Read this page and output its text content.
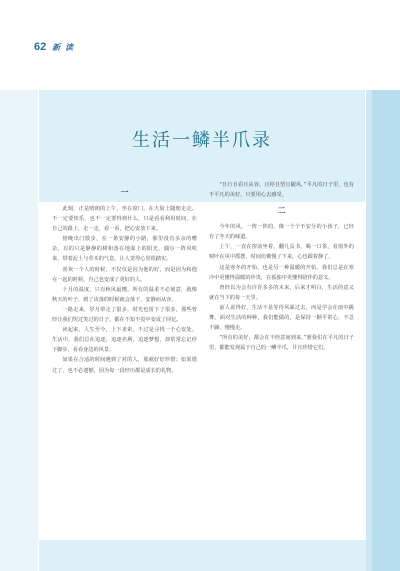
62 新 读
生活一鳞半爪录
一

此刻，正是晴朗的上午，坐在窗门，在大街上随便走走。不一定要快乐，也不一定要得到什么，只是看看利用时间，在自己的路上，走一走，看一看，把心安放下来。

傍晚出门散步，在一条安静的小路，那里没有多余的嘈杂，有的只是静静的树和落在地面上的阳光，偶尔一阵风吹来，带着泥土与草木的气息，让人觉得心里很踏实。

喜欢一个人的时候，不仅仅是因为他的好，而是因为和他在一起的时候，自己也变成了更好的人。

十月的温度，只有秋风最懂。所有的温柔不必刻意，就像秋天的叶子，到了该落的时候就会落下，安静而从容。

一路走来，岁月带走了很多，时光也留下了很多，那些曾经让我们哭过笑过的日子，都在不知不觉中变成了回忆。

读起来，人生至今，上下求索。不过是寻找一个心安处。生活中，我们总在追逐，追逐名利，追逐梦想，却常常忘记停下脚步，看看身边的风景。

如果在合适的时间遇到了对的人，那就好好珍惜；如果错过了，也不必遗憾，因为每一段经历都是成长的礼物。

“且行且看且从容，且停且望且随风。”平凡的日子里，也有不平凡的美好，只要用心去感受。

二

今年的风，一阵一阵的，像一个个不安分的小孩子，已经有了冬天的味道。

上午，一直在窗前坐着，翻几页书，喝一口茶，看窗外的树叶在风中摇摆，时间仿佛慢了下来，心也跟着静了。

这是寒冬的开始，也是另一种温暖的开始。我们总是在寒冷中更懂得温暖的珍贵，在孤独中更懂得陪伴的意义。

曾经以为会有许许多多的未来，后来才明白，生活的意义就在当下的每一天里。

前人说得好，生活不是等待风暴过去，而是学会在雨中跳舞。面对生活的种种，我们能做的，是保持一颗平常心，不急不躁，慢慢走。

“所有的美好，都会在不经意间到来。”愿我们在平凡的日子里，都能发现属于自己的一鳞半爪，并且珍惜它们。
